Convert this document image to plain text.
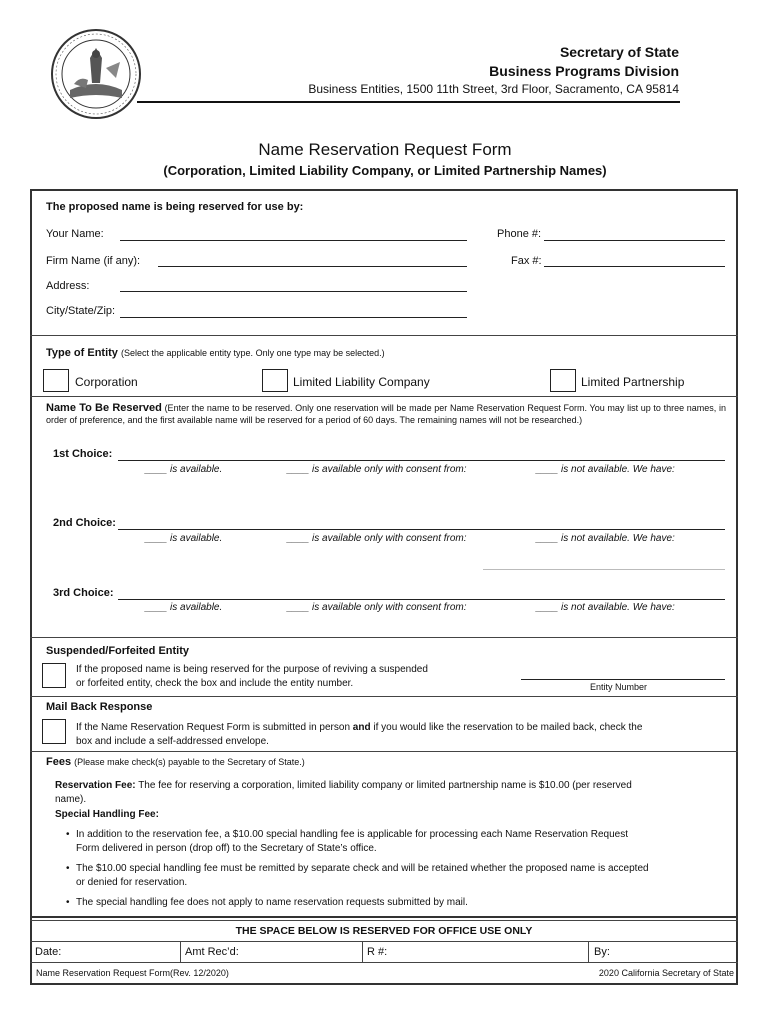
Secretary of State
Business Programs Division
Business Entities, 1500 11th Street, 3rd Floor, Sacramento, CA 95814
Name Reservation Request Form
(Corporation, Limited Liability Company, or Limited Partnership Names)
The proposed name is being reserved for use by:
Your Name:	Phone #:
Firm Name (if any):	Fax #:
Address:
City/State/Zip:
Type of Entity (Select the applicable entity type. Only one type may be selected.)
Corporation	Limited Liability Company	Limited Partnership
Name To Be Reserved (Enter the name to be reserved. Only one reservation will be made per Name Reservation Request Form. You may list up to three names, in order of preference, and the first available name will be reserved for a period of 60 days. The remaining names will not be researched.)
1st Choice:
____ is available.	____ is available only with consent from:	____ is not available. We have:
2nd Choice:
____ is available.	____ is available only with consent from:	____ is not available. We have:
3rd Choice:
____ is available.	____ is available only with consent from:	____ is not available. We have:
Suspended/Forfeited Entity
If the proposed name is being reserved for the purpose of reviving a suspended
or forfeited entity, check the box and include the entity number.	Entity Number
Mail Back Response
If the Name Reservation Request Form is submitted in person and if you would like the reservation to be mailed back, check the
box and include a self-addressed envelope.
Fees (Please make check(s) payable to the Secretary of State.)
Reservation Fee: The fee for reserving a corporation, limited liability company or limited partnership name is $10.00 (per reserved
name).
Special Handling Fee:
• In addition to the reservation fee, a $10.00 special handling fee is applicable for processing each Name Reservation Request
Form delivered in person (drop off) to the Secretary of State’s office.
• The $10.00 special handling fee must be remitted by separate check and will be retained whether the proposed name is accepted
or denied for reservation.
• The special handling fee does not apply to name reservation requests submitted by mail.
THE SPACE BELOW IS RESERVED FOR OFFICE USE ONLY
Date:	Amt Rec’d:	R #:	By:
Name Reservation Request Form(Rev. 12/2020)	2020 California Secretary of State
